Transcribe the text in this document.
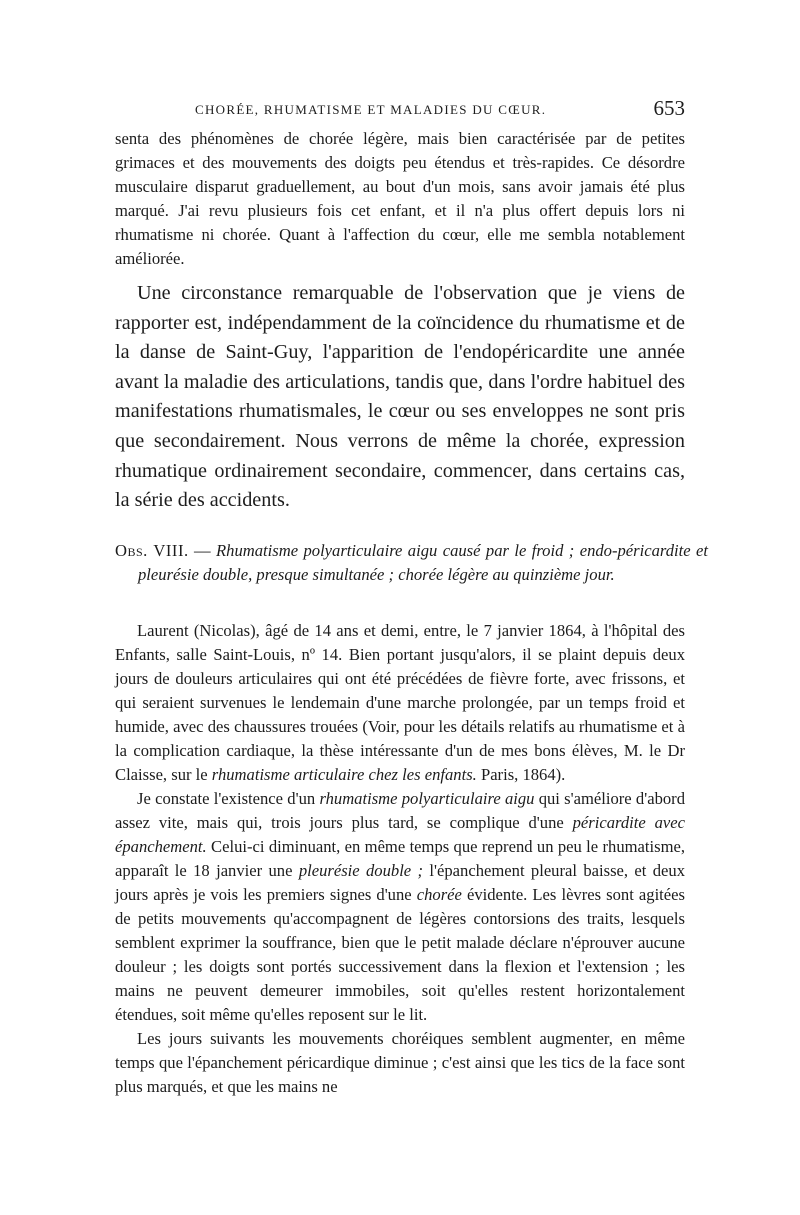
CHORÉE, RHUMATISME ET MALADIES DU CŒUR.	653

senta des phénomènes de chorée légère, mais bien caractérisée par de petites grimaces et des mouvements des doigts peu étendus et très-rapides. Ce désordre musculaire disparut graduellement, au bout d'un mois, sans avoir jamais été plus marqué. J'ai revu plusieurs fois cet enfant, et il n'a plus offert depuis lors ni rhumatisme ni chorée. Quant à l'affection du cœur, elle me sembla notablement améliorée.

Une circonstance remarquable de l'observation que je viens de rapporter est, indépendamment de la coïncidence du rhumatisme et de la danse de Saint-Guy, l'apparition de l'endopéricardite une année avant la maladie des articulations, tandis que, dans l'ordre habituel des manifestations rhumatismales, le cœur ou ses enveloppes ne sont pris que secondairement. Nous verrons de même la chorée, expression rhumatique ordinairement secondaire, commencer, dans certains cas, la série des accidents.

Obs. VIII. — Rhumatisme polyarticulaire aigu causé par le froid ; endo-péricardite et pleurésie double, presque simultanée ; chorée légère au quinzième jour.

Laurent (Nicolas), âgé de 14 ans et demi, entre, le 7 janvier 1864, à l'hôpital des Enfants, salle Saint-Louis, nº 14. Bien portant jusqu'alors, il se plaint depuis deux jours de douleurs articulaires qui ont été précédées de fièvre forte, avec frissons, et qui seraient survenues le lendemain d'une marche prolongée, par un temps froid et humide, avec des chaussures trouées (Voir, pour les détails relatifs au rhumatisme et à la complication cardiaque, la thèse intéressante d'un de mes bons élèves, M. le Dr Claisse, sur le rhumatisme articulaire chez les enfants. Paris, 1864).

Je constate l'existence d'un rhumatisme polyarticulaire aigu qui s'améliore d'abord assez vite, mais qui, trois jours plus tard, se complique d'une péricardite avec épanchement. Celui-ci diminuant, en même temps que reprend un peu le rhumatisme, apparaît le 18 janvier une pleurésie double ; l'épanchement pleural baisse, et deux jours après je vois les premiers signes d'une chorée évidente. Les lèvres sont agitées de petits mouvements qu'accompagnent de légères contorsions des traits, lesquels semblent exprimer la souffrance, bien que le petit malade déclare n'éprouver aucune douleur ; les doigts sont portés successivement dans la flexion et l'extension ; les mains ne peuvent demeurer immobiles, soit qu'elles restent horizontalement étendues, soit même qu'elles reposent sur le lit.

Les jours suivants les mouvements choréiques semblent augmenter, en même temps que l'épanchement péricardique diminue ; c'est ainsi que les tics de la face sont plus marqués, et que les mains ne
